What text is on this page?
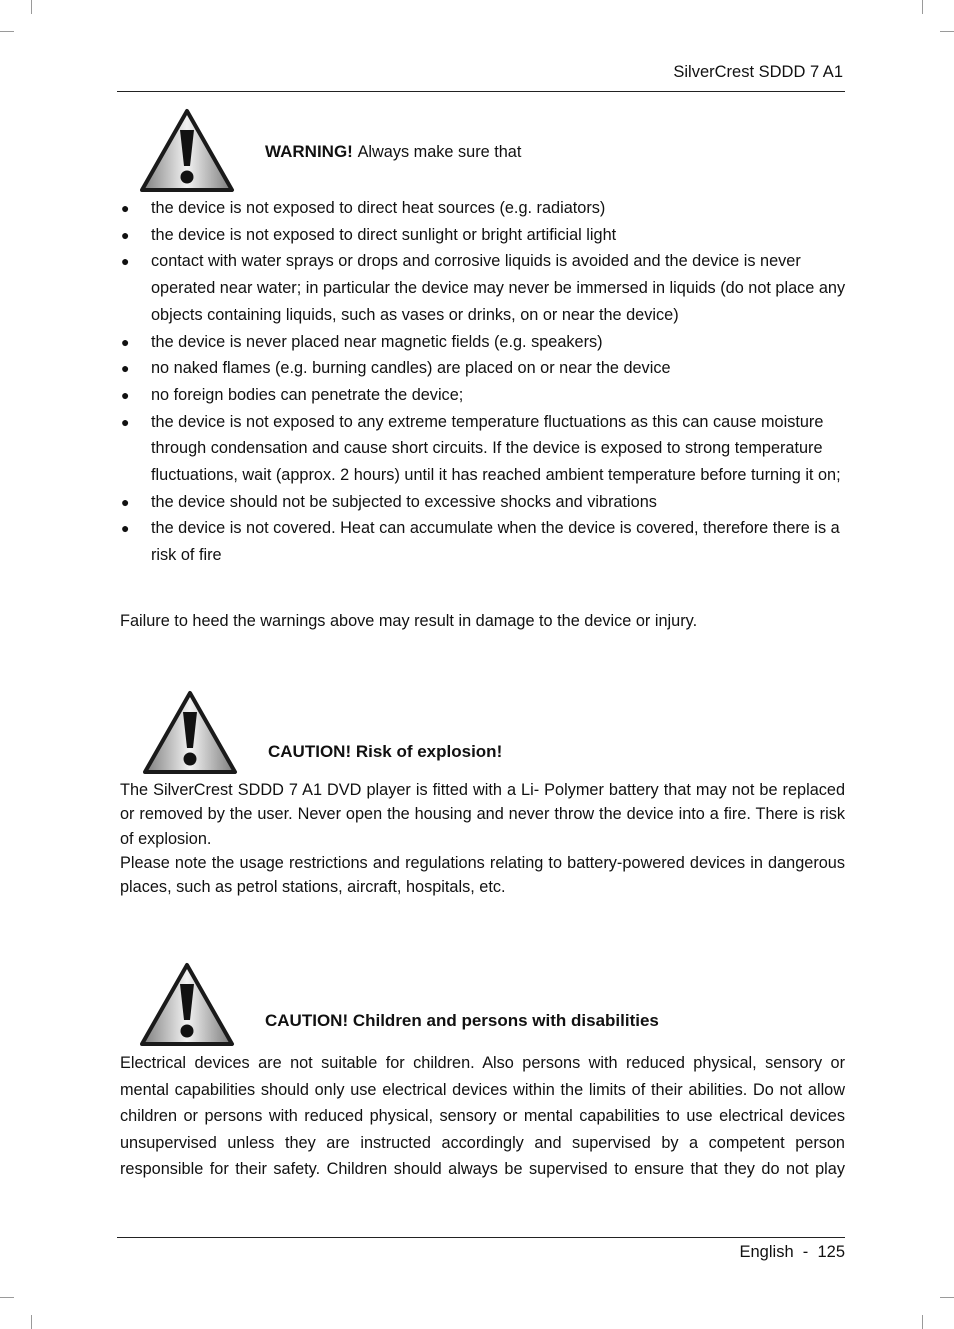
SilverCrest SDDD 7 A1
WARNING! Always make sure that
● the device is not exposed to direct heat sources (e.g. radiators)
● the device is not exposed to direct sunlight or bright artificial light
● contact with water sprays or drops and corrosive liquids is avoided and the device is never operated near water; in particular the device may never be immersed in liquids (do not place any objects containing liquids, such as vases or drinks, on or near the device)
● the device is never placed near magnetic fields (e.g. speakers)
● no naked flames (e.g. burning candles) are placed on or near the device
● no foreign bodies can penetrate the device;
● the device is not exposed to any extreme temperature fluctuations as this can cause moisture through condensation and cause short circuits. If the device is exposed to strong temperature fluctuations, wait (approx. 2 hours) until it has reached ambient temperature before turning it on;
● the device should not be subjected to excessive shocks and vibrations
● the device is not covered. Heat can accumulate when the device is covered, therefore there is a risk of fire

Failure to heed the warnings above may result in damage to the device or injury.

CAUTION! Risk of explosion!

The SilverCrest SDDD 7 A1 DVD player is fitted with a Li- Polymer battery that may not be replaced or removed by the user. Never open the housing and never throw the device into a fire. There is risk of explosion.

Please note the usage restrictions and regulations relating to battery-powered devices in dangerous places, such as petrol stations, aircraft, hospitals, etc.

CAUTION! Children and persons with disabilities
Electrical devices are not suitable for children. Also persons with reduced physical, sensory or
mental capabilities should only use electrical devices within the limits of their abilities. Do not allow
children or persons with reduced physical, sensory or mental capabilities to use electrical devices
unsupervised unless they are instructed accordingly and supervised by a competent person
responsible for their safety. Children should always be supervised to ensure that they do not play
English - 125
